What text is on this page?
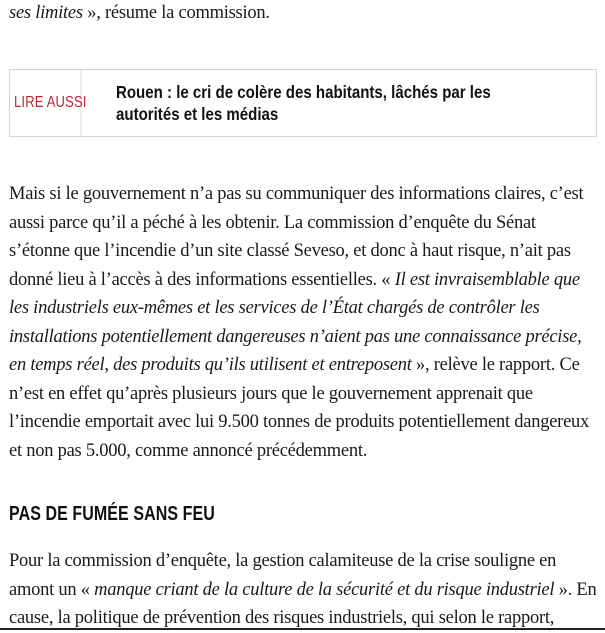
ses limites », résume la commission.

LIRE AUSSI
Rouen : le cri de colère des habitants, lâchés par les autorités et les médias

Mais si le gouvernement n’a pas su communiquer des informations claires, c’est aussi parce qu’il a péché à les obtenir. La commission d’enquête du Sénat s’étonne que l’incendie d’un site classé Seveso, et donc à haut risque, n’ait pas donné lieu à l’accès à des informations essentielles. « Il est invraisemblable que les industriels eux-mêmes et les services de l’État chargés de contrôler les installations potentiellement dangereuses n’aient pas une connaissance précise, en temps réel, des produits qu’ils utilisent et entreposent », relève le rapport. Ce n’est en effet qu’après plusieurs jours que le gouvernement apprenait que l’incendie emportait avec lui 9.500 tonnes de produits potentiellement dangereux et non pas 5.000, comme annoncé précédemment.

PAS DE FUMÉE SANS FEU

Pour la commission d’enquête, la gestion calamiteuse de la crise souligne en amont un « manque criant de la culture de la sécurité et du risque industriel ». En cause, la politique de prévention des risques industriels, qui selon le rapport,
